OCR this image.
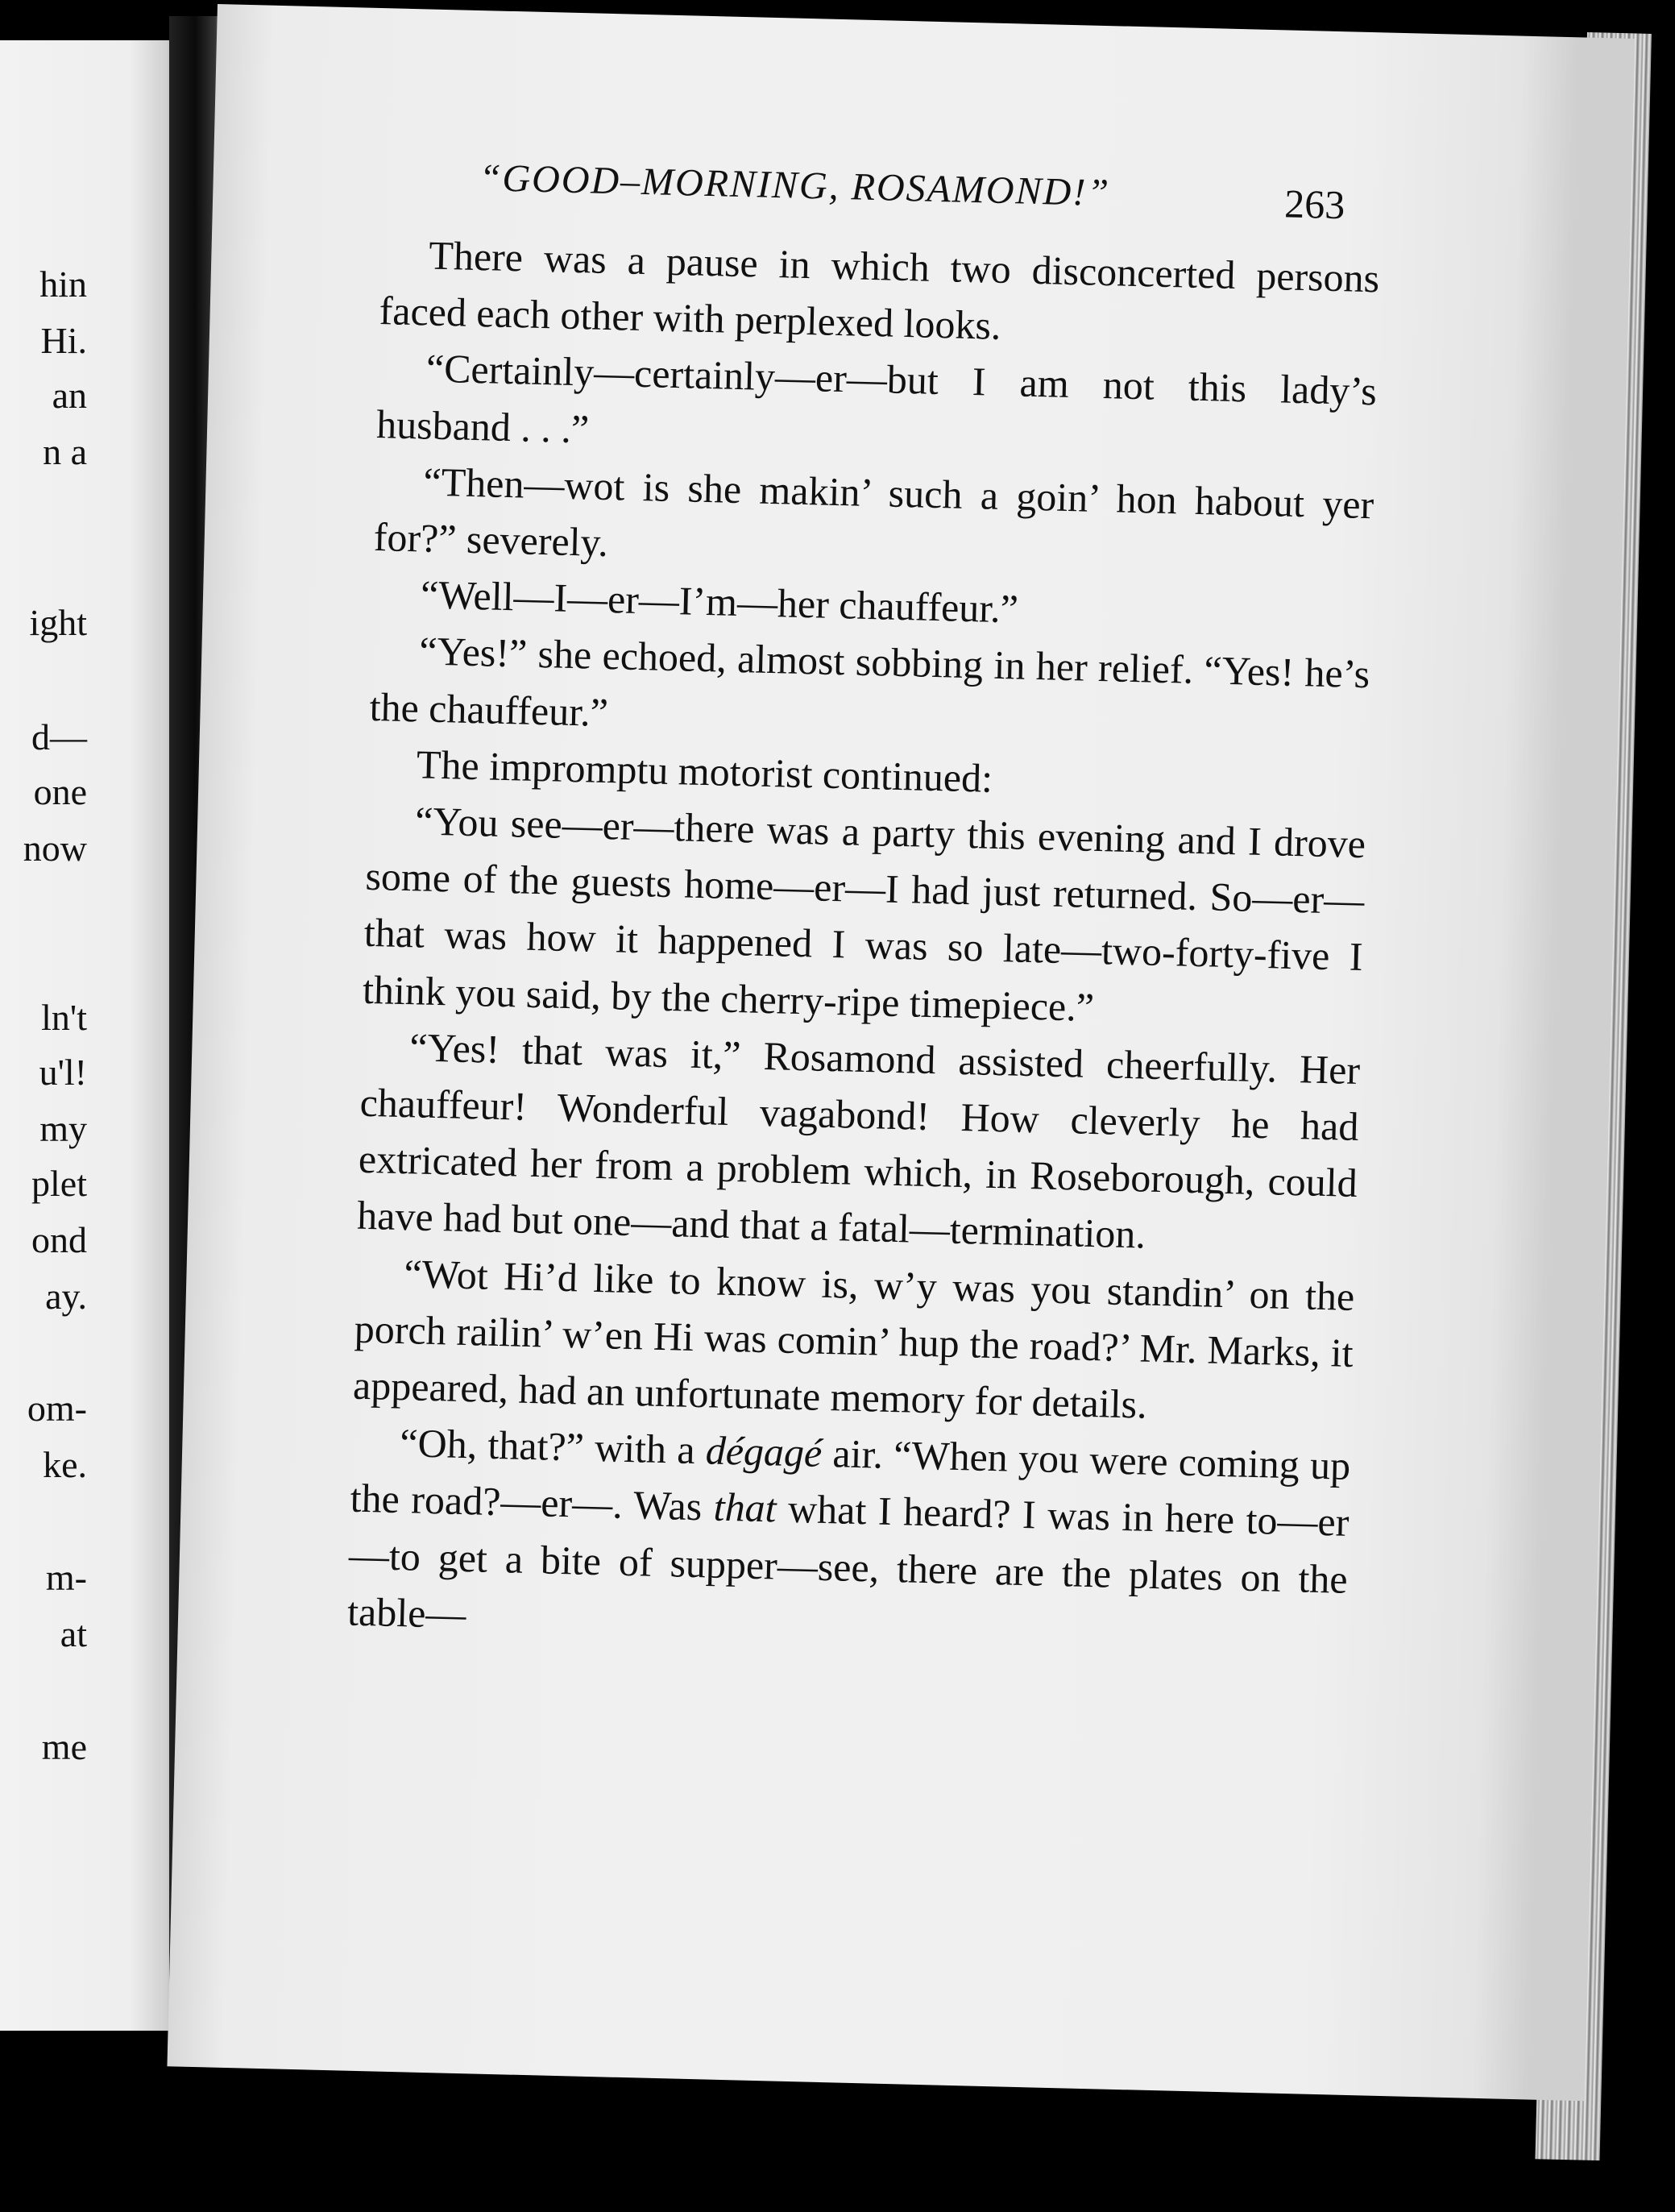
hin
Hi.
an
n a
ight
d—
one
now
ln't
u'l!
my
plet
ond
ay.
om-
ke.
m-
at
me
“GOOD–MORNING, ROSAMOND!”	263

There was a pause in which two disconcerted persons faced each other with perplexed looks.

“Certainly—certainly—er—but I am not this lady’s husband . . .”

“Then—wot is she makin’ such a goin’ hon habout yer for?” severely.

“Well—I—er—I’m—her chauffeur.”

“Yes!” she echoed, almost sobbing in her relief. “Yes! he’s the chauffeur.”

The impromptu motorist continued:

“You see—er—there was a party this evening and I drove some of the guests home—er—I had just returned. So—er—that was how it happened I was so late—two-forty-five I think you said, by the cherry-ripe timepiece.”

“Yes! that was it,” Rosamond assisted cheerfully. Her chauffeur! Wonderful vagabond! How cleverly he had extricated her from a problem which, in Roseborough, could have had but one—and that a fatal—termination.

“Wot Hi’d like to know is, w’y was you standin’ on the porch railin’ w’en Hi was comin’ hup the road?’ Mr. Marks, it appeared, had an unfortunate memory for details.

“Oh, that?” with a dégagé air. “When you were coming up the road?—er—. Was that what I heard? I was in here to—er—to get a bite of supper—see, there are the plates on the table—
